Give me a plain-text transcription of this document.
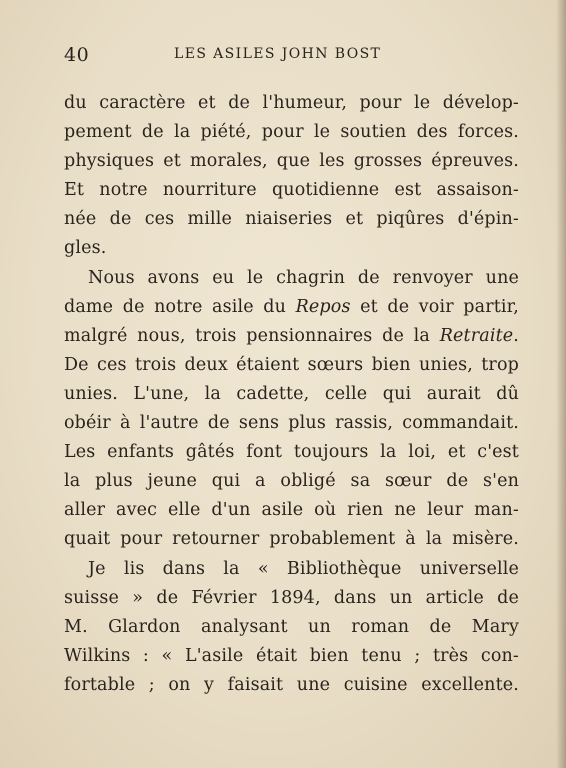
40	LES ASILES JOHN BOST
du caractère et de l'humeur, pour le dévelop-
pement de la piété, pour le soutien des forces.
physiques et morales, que les grosses épreuves.
Et notre nourriture quotidienne est assaison-
née de ces mille niaiseries et piqûres d'épin-
gles.
Nous avons eu le chagrin de renvoyer une
dame de notre asile du Repos et de voir partir,
malgré nous, trois pensionnaires de la Retraite.
De ces trois deux étaient sœurs bien unies, trop
unies. L'une, la cadette, celle qui aurait dû
obéir à l'autre de sens plus rassis, commandait.
Les enfants gâtés font toujours la loi, et c'est
la plus jeune qui a obligé sa sœur de s'en
aller avec elle d'un asile où rien ne leur man-
quait pour retourner probablement à la misère.
Je lis dans la « Bibliothèque universelle
suisse » de Février 1894, dans un article de
M. Glardon analysant un roman de Mary
Wilkins : « L'asile était bien tenu ; très con-
fortable ; on y faisait une cuisine excellente.
